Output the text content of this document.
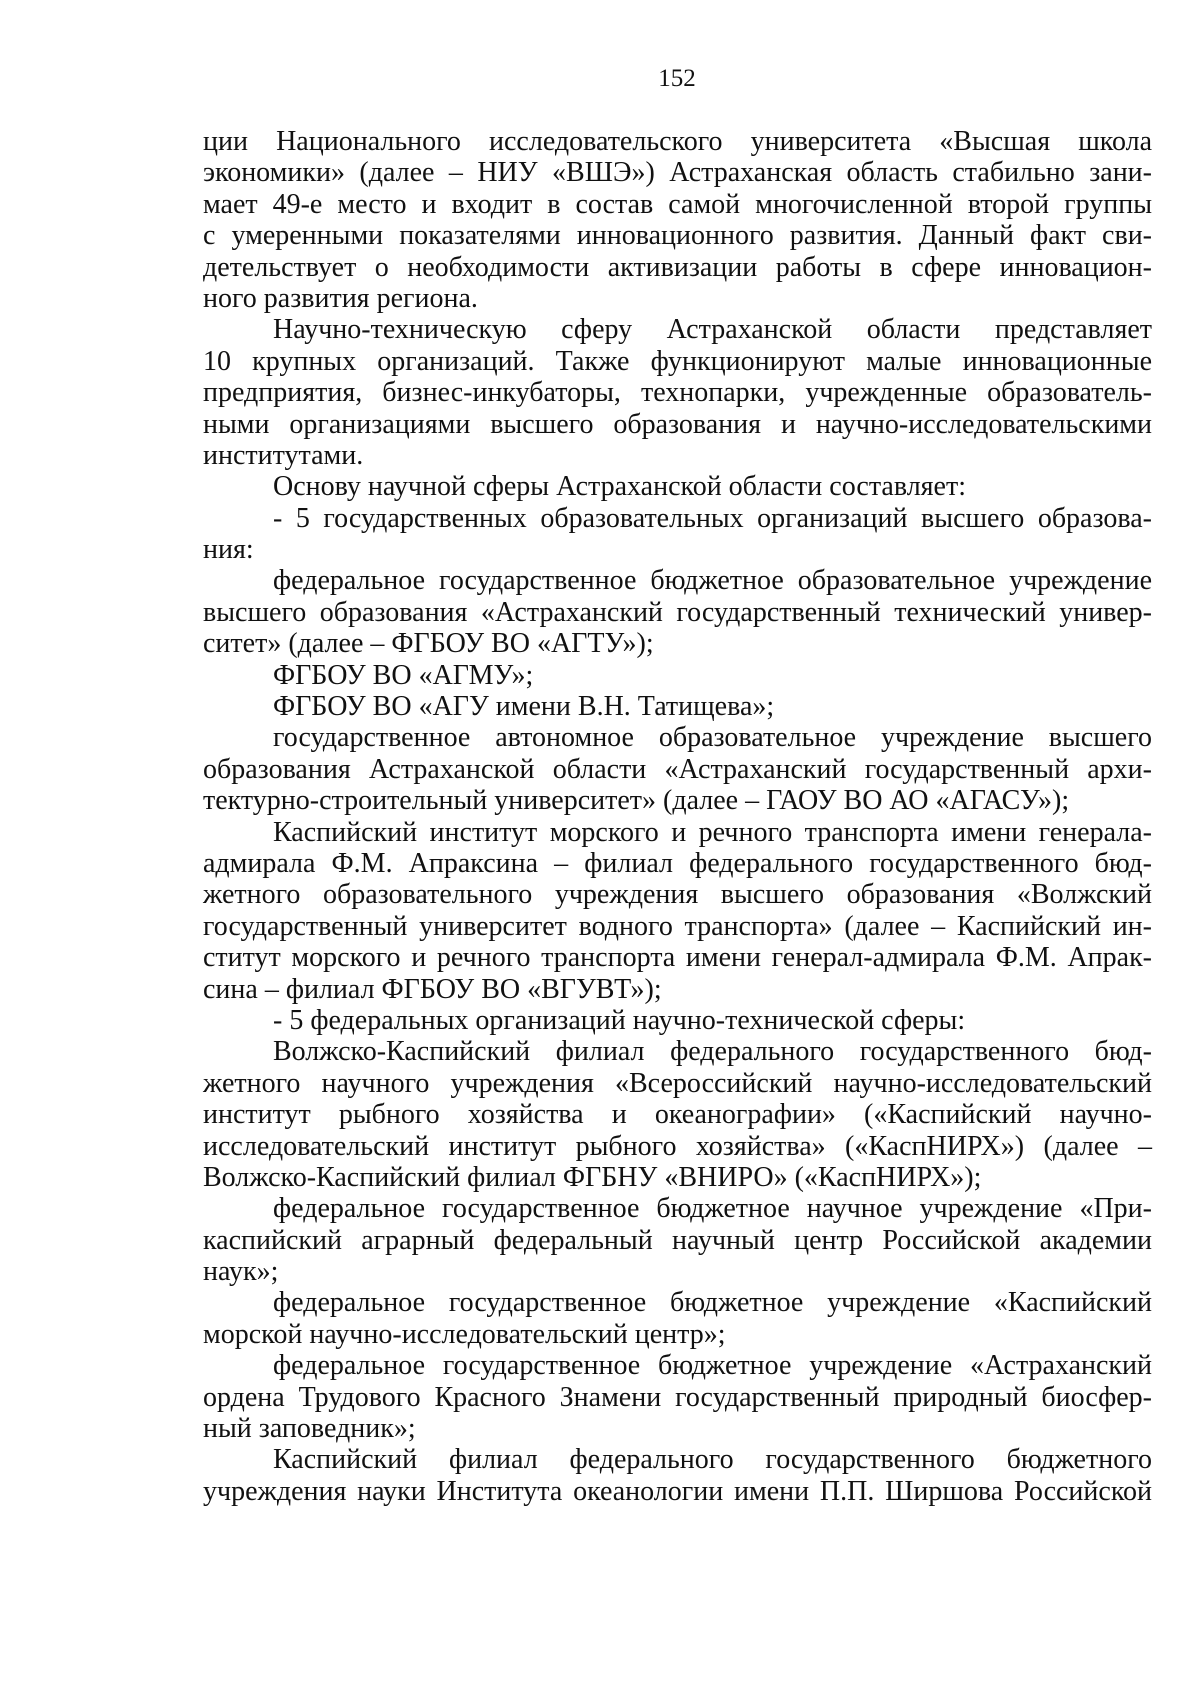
152
ции Национального исследовательского университета «Высшая школа
экономики» (далее – НИУ «ВШЭ») Астраханская область стабильно зани-
мает 49-е место и входит в состав самой многочисленной второй группы
с умеренными показателями инновационного развития. Данный факт сви-
детельствует о необходимости активизации работы в сфере инновацион-
ного развития региона.
Научно-техническую сферу Астраханской области представляет
10 крупных организаций. Также функционируют малые инновационные
предприятия, бизнес-инкубаторы, технопарки, учрежденные образователь-
ными организациями высшего образования и научно-исследовательскими
институтами.
Основу научной сферы Астраханской области составляет:
- 5 государственных образовательных организаций высшего образова-
ния:
федеральное государственное бюджетное образовательное учреждение
высшего образования «Астраханский государственный технический универ-
ситет» (далее – ФГБОУ ВО «АГТУ»);
ФГБОУ ВО «АГМУ»;
ФГБОУ ВО «АГУ имени В.Н. Татищева»;
государственное автономное образовательное учреждение высшего
образования Астраханской области «Астраханский государственный архи-
тектурно-строительный университет» (далее – ГАОУ ВО АО «АГАСУ»);
Каспийский институт морского и речного транспорта имени генерала-
адмирала Ф.М. Апраксина – филиал федерального государственного бюд-
жетного образовательного учреждения высшего образования «Волжский
государственный университет водного транспорта» (далее – Каспийский ин-
ститут морского и речного транспорта имени генерал-адмирала Ф.М. Апрак-
сина – филиал ФГБОУ ВО «ВГУВТ»);
- 5 федеральных организаций научно-технической сферы:
Волжско-Каспийский филиал федерального государственного бюд-
жетного научного учреждения «Всероссийский научно-исследовательский
институт рыбного хозяйства и океанографии» («Каспийский научно-
исследовательский институт рыбного хозяйства» («КаспНИРХ») (далее –
Волжско-Каспийский филиал ФГБНУ «ВНИРО» («КаспНИРХ»);
федеральное государственное бюджетное научное учреждение «При-
каспийский аграрный федеральный научный центр Российской академии
наук»;
федеральное государственное бюджетное учреждение «Каспийский
морской научно-исследовательский центр»;
федеральное государственное бюджетное учреждение «Астраханский
ордена Трудового Красного Знамени государственный природный биосфер-
ный заповедник»;
Каспийский филиал федерального государственного бюджетного
учреждения науки Института океанологии имени П.П. Ширшова Российской
